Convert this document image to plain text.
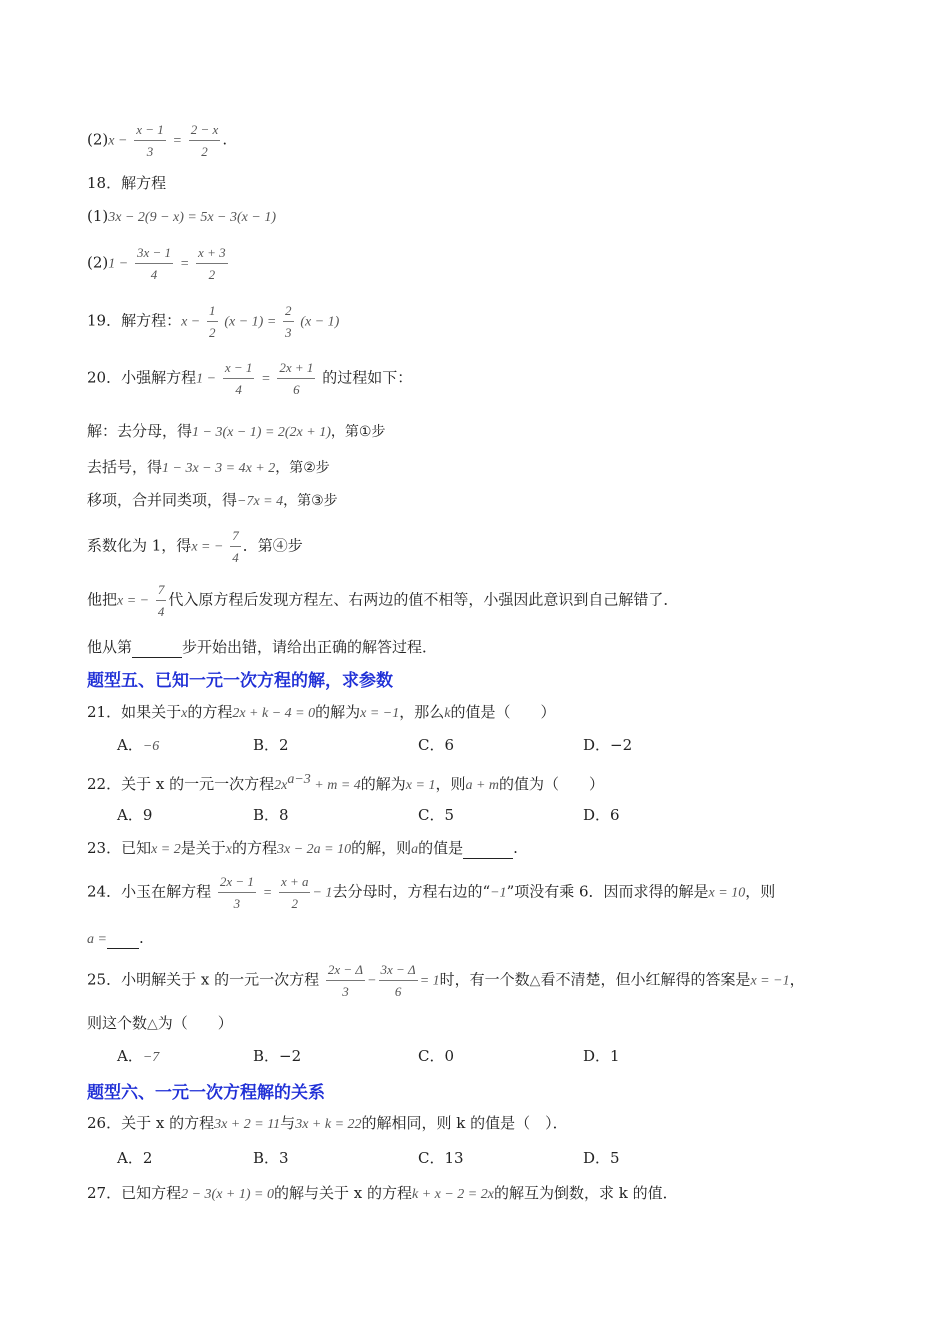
$(2)x - \frac{x - 1}{3} = \frac{2 - x}{2}$ .
18．解方程
(1)3x − 2(9 − x) = 5x − 3(x − 1)
$(2)1 - \frac{3x - 1}{4} = \frac{x + 3}{2}$
19．解方程：$x - \frac{1}{2} (x - 1) = \frac{2}{3} (x - 1)$
20．小强解方程$1 - \frac{x - 1}{4} = \frac{2x + 1}{6}$ 的过程如下：
解：去分母，得1 − 3(x − 1) = 2(2x + 1)，第①步
去括号，得1 − 3x − 3 = 4x + 2，第②步
移项，合并同类项，得−7x = 4，第③步
系数化为 1，得x = − $\frac{7}{4}$ ．第④步
他把x = − $\frac{7}{4}$ 代入原方程后发现方程左、右两边的值不相等，小强因此意识到自己解错了．
他从第	步开始出错，请给出正确的解答过程．
题型五、已知一元一次方程的解，求参数
21．如果关于x的方程2x + k − 4 = 0的解为x = −1，那么k的值是（　　）
A．−6	B．2	C．6	D．−2
22．关于 x 的一元一次方程$2x^{a-3} + m = 4$的解为x = 1，则a + m的值为（　　）
A．9	B．8	C．5	D．6
23．已知x = 2是关于x的方程3x − 2a = 10的解，则a的值是	.
24．小玉在解方程 $\frac{2x - 1}{3} = \frac{x + a}{2} - 1$去分母时，方程右边的“−1”项没有乘 6．因而求得的解是x = 10，则
a = .
25．小明解关于 x 的一元一次方程 $\frac{2x - \Delta}{3} - \frac{3x - \Delta}{6} = 1$时，有一个数△看不清楚，但小红解得的答案是x = −1，
则这个数△为（　　）
A．−7	B．−2	C．0	D．1
题型六、一元一次方程解的关系
26．关于 x 的方程3x + 2 = 11与3x + k = 22的解相同，则 k 的值是（　）．
A．2	B．3	C．13	D．5
27．已知方程2 − 3(x + 1) = 0的解与关于 x 的方程k + x − 2 = 2x的解互为倒数，求 k 的值．
